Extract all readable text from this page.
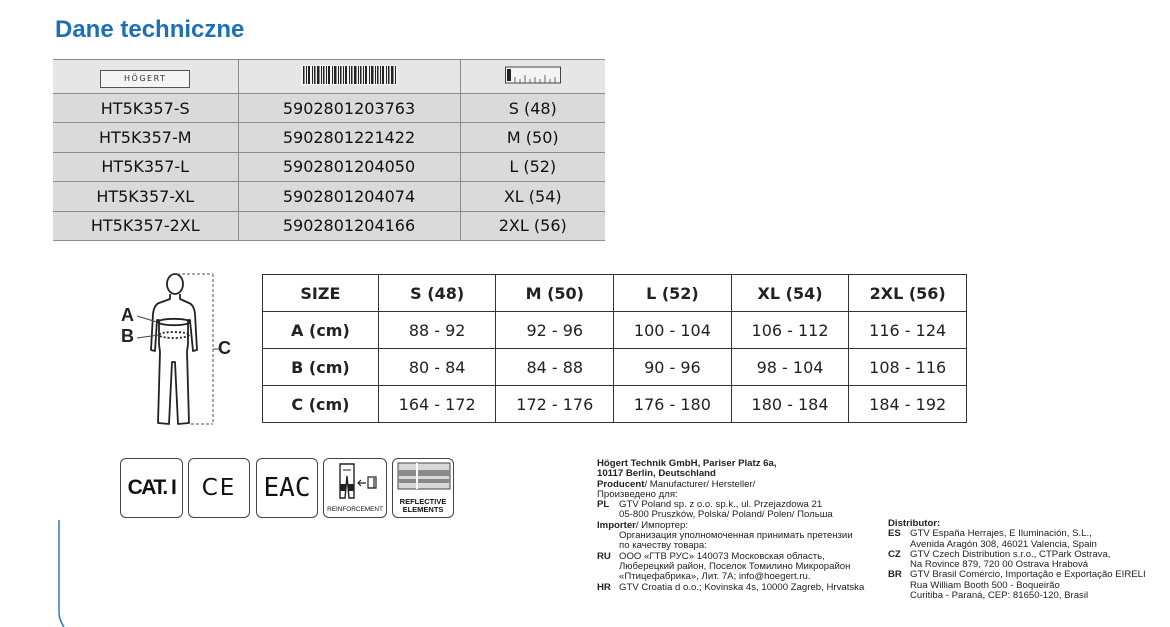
Dane techniczne
HÖGERT		
HT5K357-S	5902801203763	S (48)
HT5K357-M	5902801221422	M (50)
HT5K357-L	5902801204050	L (52)
HT5K357-XL	5902801204074	XL (54)
HT5K357-2XL	5902801204166	2XL (56)
A
B
C
SIZE	S (48)	M (50)	L (52)	XL (54)	2XL (56)
A (cm)	88 - 92	92 - 96	100 - 104	106 - 112	116 - 124
B (cm)	80 - 84	84 - 88	90 - 96	98 - 104	108 - 116
C (cm)	164 - 172	172 - 176	176 - 180	180 - 184	184 - 192
CAT. I CE EAC
REINFORCEMENT
REFLECTIVE
ELEMENTS
Högert Technik GmbH, Pariser Platz 6a,
10117 Berlin, Deutschland
Producent/ Manufacturer/ Hersteller/
Произведено для:
PL	GTV Poland sp. z o.o. sp.k., ul. Przejazdowa 21
05-800 Pruszków, Polska/ Poland/ Polen/ Польша
Importer/ Импортер:
Организация уполномоченная принимать претензии
по качеству товара:
RU ООО «ГТВ РУС» 140073 Московская область,
Люберецкий район, Поселок Томилино Микрорайон
«Птицефабрика», Лит. 7А; info@hoegert.ru.
HR GTV Croatia d o.o.; Kovinska 4s, 10000 Zagreb, Hrvatska
Distributor:
ES GTV España Herrajes, E Iluminación, S.L.,
Avenida Aragón 308, 46021 Valencia, Spain
CZ GTV Czech Distribution s.r.o., CTPark Ostrava,
Na Rovince 879, 720 00 Ostrava Hrabová
BR GTV Brasil Comércio, Importação e Exportação EIRELI
Rua William Booth 500 - Boqueirão
Curitiba - Paraná, CEP: 81650-120, Brasil
